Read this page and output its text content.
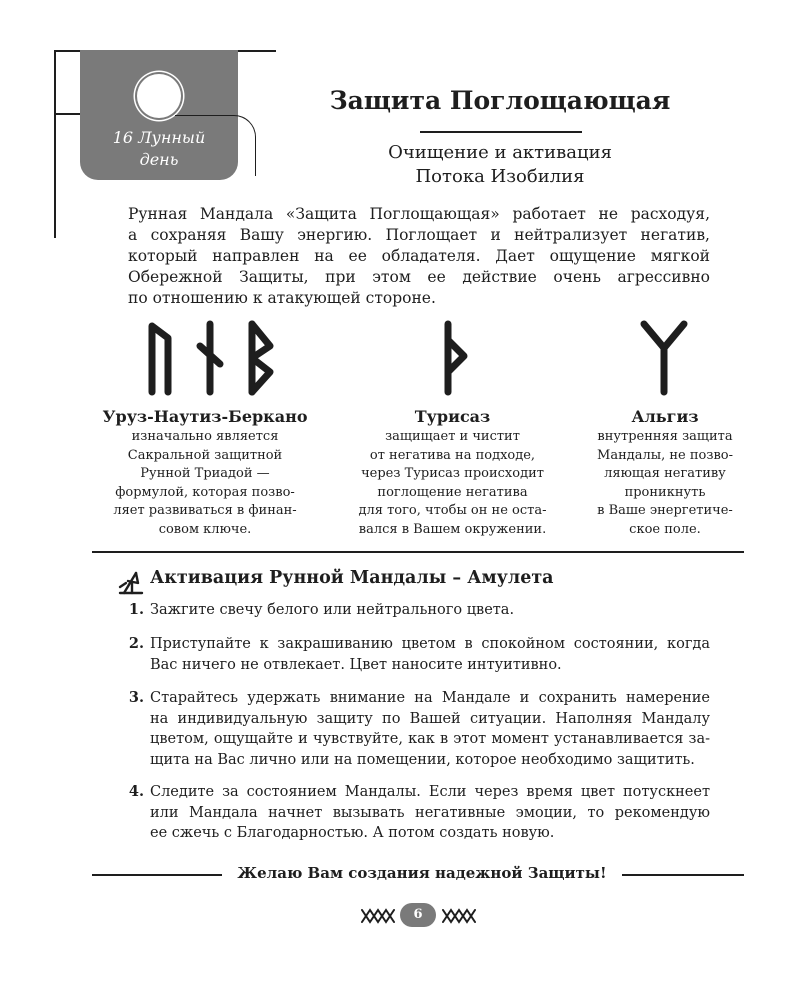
16 Лунный
день
Защита Поглощающая
Очищение и активация
Потока Изобилия
Рунная Мандала «Защита Поглощающая» работает не расходуя,
а сохраняя Вашу энергию. Поглощает и нейтрализует негатив,
который направлен на ее обладателя. Дает ощущение мягкой
Обережной Защиты, при этом ее действие очень агрессивно
по отношению к атакующей стороне.
Уруз-Наутиз-Беркано
изначально является
Сакральной защитной
Рунной Триадой —
формулой, которая позво-
ляет развиваться в финан-
совом ключе.
Турисаз
защищает и чистит
от негатива на подходе,
через Турисаз происходит
поглощение негатива
для того, чтобы он не оста-
вался в Вашем окружении.
Альгиз
внутренняя защита
Мандалы, не позво-
ляющая негативу
проникнуть
в Ваше энергетиче-
ское поле.
Активация Рунной Мандалы – Амулета
1. Зажгите свечу белого или нейтрального цвета.
2. Приступайте к закрашиванию цветом в спокойном состоянии, когда
Вас ничего не отвлекает. Цвет наносите интуитивно.
3. Старайтесь удержать внимание на Мандале и сохранить намерение
на индивидуальную защиту по Вашей ситуации. Наполняя Мандалу
цветом, ощущайте и чувствуйте, как в этот момент устанавливается за-
щита на Вас лично или на помещении, которое необходимо защитить.
4. Следите за состоянием Мандалы. Если через время цвет потускнеет
или Мандала начнет вызывать негативные эмоции, то рекомендую
ее сжечь с Благодарностью. А потом создать новую.
Желаю Вам создания надежной Защиты!
6
